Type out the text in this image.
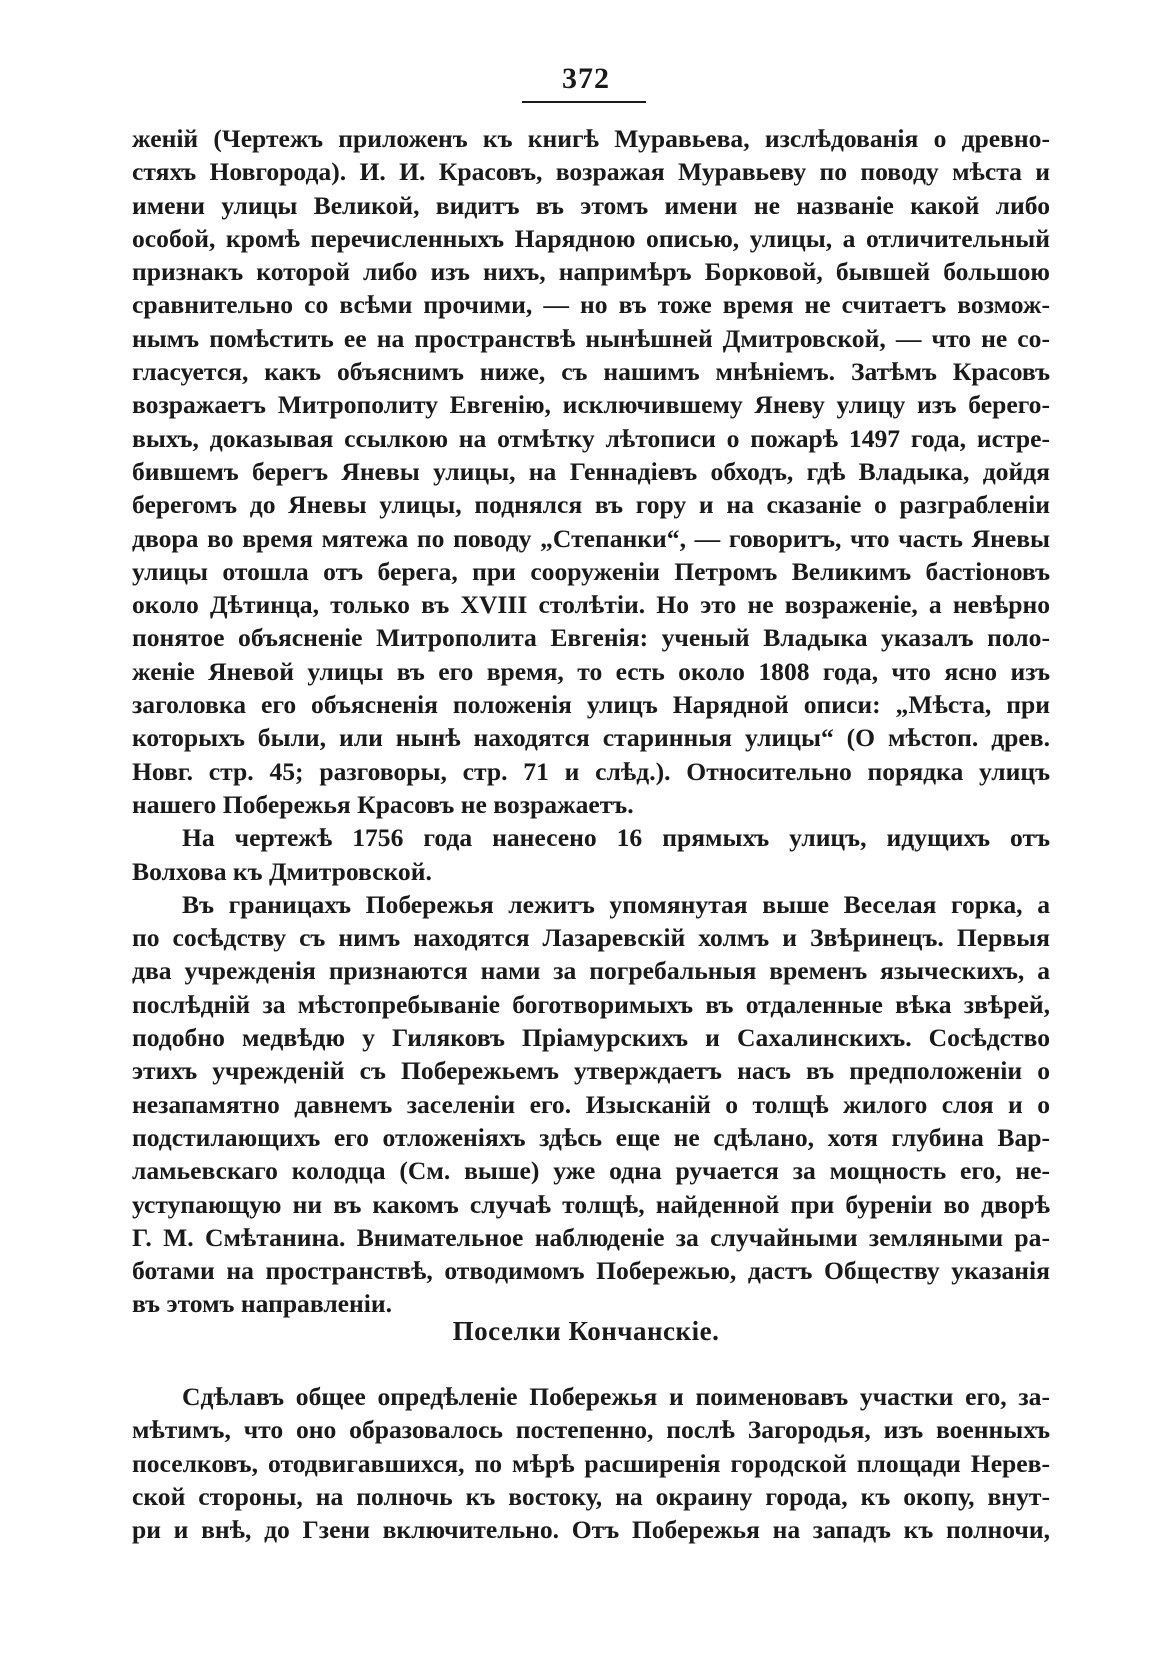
372

женій (Чертежъ приложенъ къ книгѣ Муравьева, изслѣдованія о древно-

стяхъ Новгорода). И. И. Красовъ, возражая Муравьеву по поводу мѣста и

имени улицы Великой, видитъ въ этомъ имени не названіе какой либо

особой, кромѣ перечисленныхъ Нарядною описью, улицы, а отличительный

признакъ которой либо изъ нихъ, напримѣръ Борковой, бывшей большою

сравнительно со всѣми прочими, — но въ тоже время не считаетъ возмож-

нымъ помѣстить ее на пространствѣ нынѣшней Дмитровской, — что не со-

гласуется, какъ объяснимъ ниже, съ нашимъ мнѣніемъ. Затѣмъ Красовъ

возражаетъ Митрополиту Евгенію, исключившему Яневу улицу изъ берего-

выхъ, доказывая ссылкою на отмѣтку лѣтописи о пожарѣ 1497 года, истре-

бившемъ берегъ Яневы улицы, на Геннадіевъ обходъ, гдѣ Владыка, дойдя

берегомъ до Яневы улицы, поднялся въ гору и на сказаніе о разграбленіи

двора во время мятежа по поводу „Степанки“, — говоритъ, что часть Яневы

улицы отошла отъ берега, при сооруженіи Петромъ Великимъ бастіоновъ

около Дѣтинца, только въ XVIII столѣтіи. Но это не возраженіе, а невѣрно

понятое объясненіе Митрополита Евгенія: ученый Владыка указалъ поло-

женіе Яневой улицы въ его время, то есть около 1808 года, что ясно изъ

заголовка его объясненія положенія улицъ Нарядной описи: „Мѣста, при

которыхъ были, или нынѣ находятся старинныя улицы“ (О мѣстоп. древ.

Новг. стр. 45; разговоры, стр. 71 и слѣд.). Относительно порядка улицъ

нашего Побережья Красовъ не возражаетъ.

На чертежѣ 1756 года нанесено 16 прямыхъ улицъ, идущихъ отъ

Волхова къ Дмитровской.

Въ границахъ Побережья лежитъ упомянутая выше Веселая горка, а

по сосѣдству съ нимъ находятся Лазаревскій холмъ и Звѣринецъ. Первыя

два учрежденія признаются нами за погребальныя временъ языческихъ, а

послѣдній за мѣстопребываніе боготворимыхъ въ отдаленные вѣка звѣрей,

подобно медвѣдю у Гиляковъ Пріамурскихъ и Сахалинскихъ. Сосѣдство

этихъ учрежденій съ Побережьемъ утверждаетъ насъ въ предположеніи о

незапамятно давнемъ заселеніи его. Изысканій о толщѣ жилого слоя и о

подстилающихъ его отложеніяхъ здѣсь еще не сдѣлано, хотя глубина Вар-

ламьевскаго колодца (См. выше) уже одна ручается за мощность его, не-

уступающую ни въ какомъ случаѣ толщѣ, найденной при буреніи во дворѣ

Г. М. Смѣтанина. Внимательное наблюденіе за случайными земляными ра-

ботами на пространствѣ, отводимомъ Побережью, дастъ Обществу указанія

въ этомъ направленіи.

Поселки Кончанскіе.

Сдѣлавъ общее опредѣленіе Побережья и поименовавъ участки его, за-

мѣтимъ, что оно образовалось постепенно, послѣ Загородья, изъ военныхъ

поселковъ, отодвигавшихся, по мѣрѣ расширенія городской площади Нерев-

ской стороны, на полночь къ востоку, на окраину города, къ окопу, внут-

ри и внѣ, до Гзени включительно. Отъ Побережья на западъ къ полночи,
